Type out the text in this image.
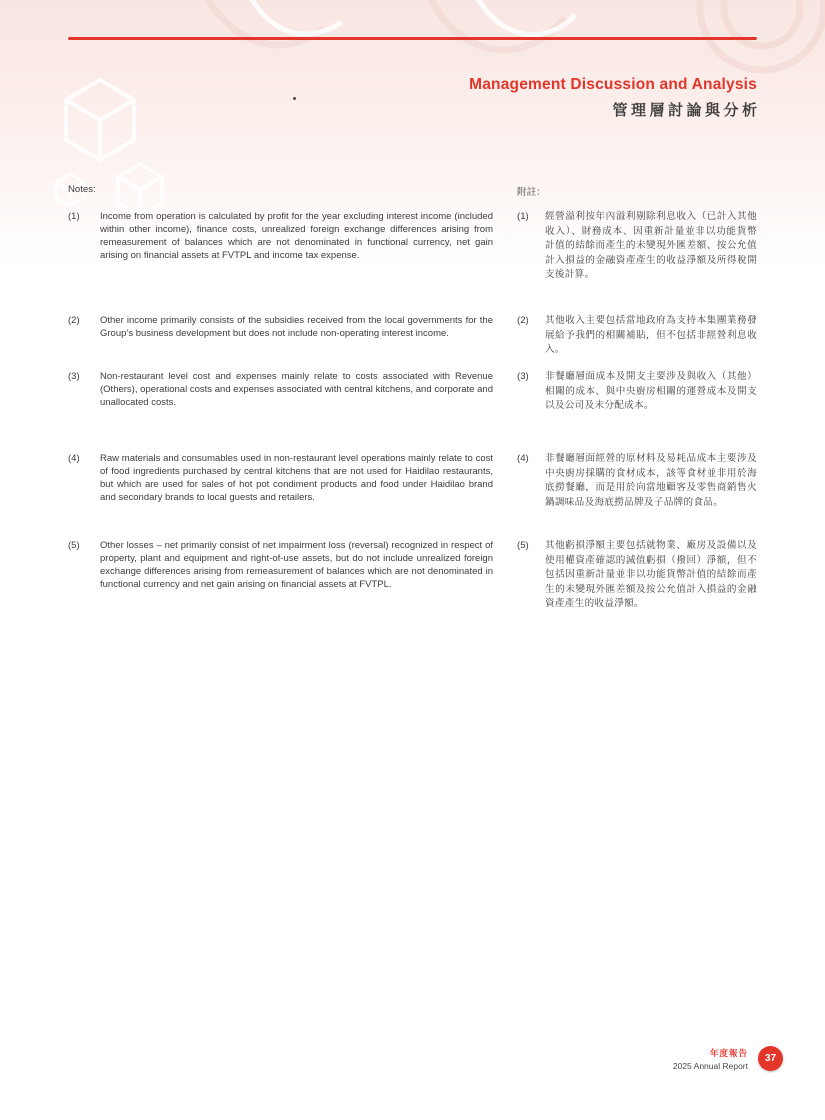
Management Discussion and Analysis
管理層討論與分析
Notes:	附註：
(1)	Income from operation is calculated by profit for the year excluding interest income (included within other income), finance costs, unrealized foreign exchange differences arising from remeasurement of balances which are not denominated in functional currency, net gain arising on financial assets at FVTPL and income tax expense.

(1)	經營溢利按年內溢利剔除利息收入（已計入其他收入）、財務成本、因重新計量並非以功能貨幣計值的結餘而產生的未變現外匯差額、按公允值計入損益的金融資產產生的收益淨額及所得稅開支後計算。

(2)	Other income primarily consists of the subsidies received from the local governments for the Group’s business development but does not include non-operating interest income.

(2)	其他收入主要包括當地政府為支持本集團業務發展給予我們的相關補貼，但不包括非經營利息收入。

(3)	Non-restaurant level cost and expenses mainly relate to costs associated with Revenue (Others), operational costs and expenses associated with central kitchens, and corporate and unallocated costs.

(3)	非餐廳層面成本及開支主要涉及與收入（其他）相關的成本、與中央廚房相關的運營成本及開支以及公司及未分配成本。

(4)	Raw materials and consumables used in non-restaurant level operations mainly relate to cost of food ingredients purchased by central kitchens that are not used for Haidilao restaurants, but which are used for sales of hot pot condiment products and food under Haidilao brand and secondary brands to local guests and retailers.

(4)	非餐廳層面經營的原材料及易耗品成本主要涉及中央廚房採購的食材成本，該等食材並非用於海底撈餐廳，而是用於向當地顧客及零售商銷售火鍋調味品及海底撈品牌及子品牌的食品。

(5)	Other losses – net primarily consist of net impairment loss (reversal) recognized in respect of property, plant and equipment and right-of-use assets, but do not include unrealized foreign exchange differences arising from remeasurement of balances which are not denominated in functional currency and net gain arising on financial assets at FVTPL.

(5)	其他虧損淨額主要包括就物業、廠房及設備以及使用權資產確認的減值虧損（撥回）淨額，但不包括因重新計量並非以功能貨幣計值的結餘而產生的未變現外匯差額及按公允值計入損益的金融資產產生的收益淨額。

年度報告
2025 Annual Report
37
